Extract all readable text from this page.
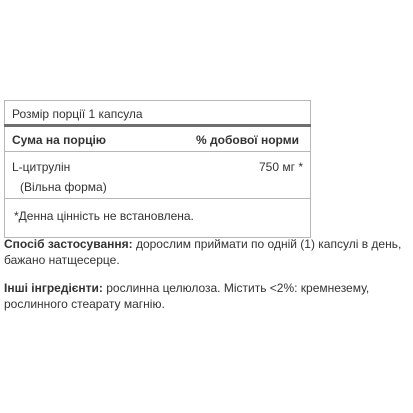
Розмір порції 1 капсула
Сума на порцію	% добової норми
L-цитрулін	750 мг *
(Вільна форма)
*Денна цінність не встановлена.
Спосіб застосування: дорослим приймати по одній (1) капсулі в день, бажано натщесерце.
Інші інгредієнти: рослинна целюлоза. Містить <2%: кремнезему, рослинного стеарату магнію.
